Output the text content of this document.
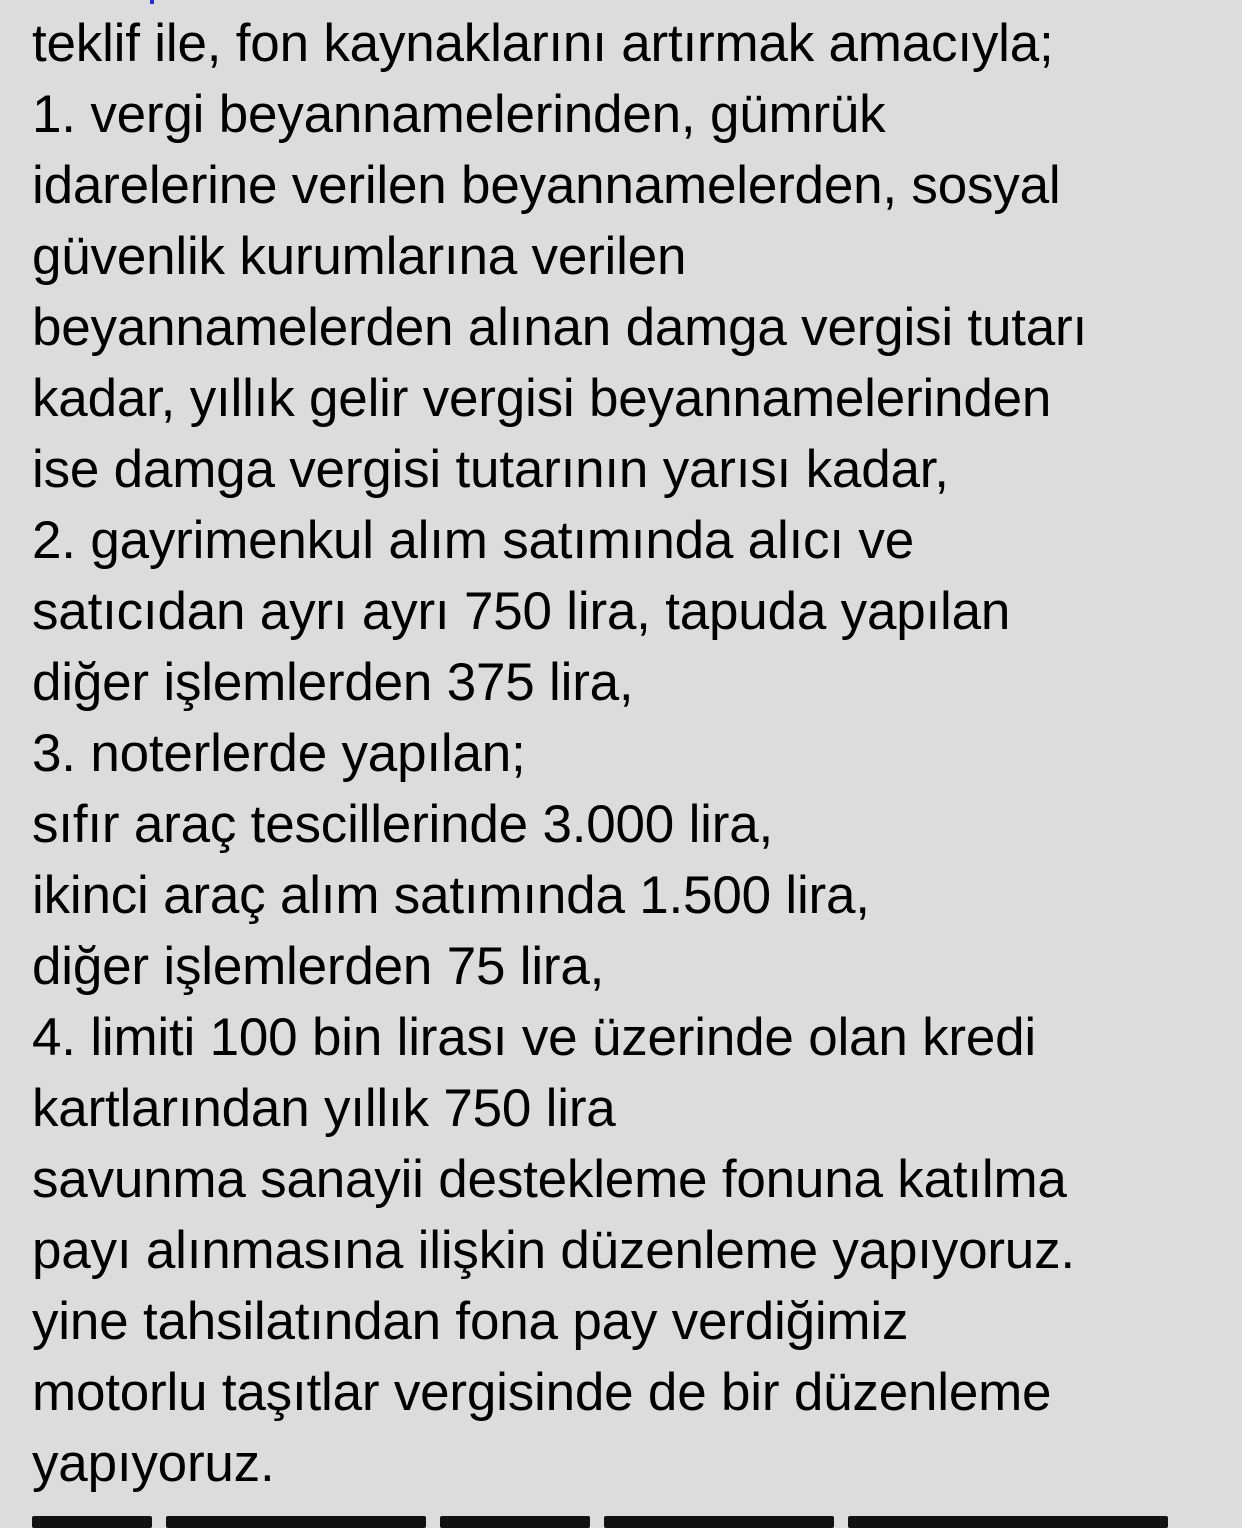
teklif ile, fon kaynaklarını artırmak amacıyla;
1. vergi beyannamelerinden, gümrük
idarelerine verilen beyannamelerden, sosyal
güvenlik kurumlarına verilen
beyannamelerden alınan damga vergisi tutarı
kadar, yıllık gelir vergisi beyannamelerinden
ise damga vergisi tutarının yarısı kadar,
2. gayrimenkul alım satımında alıcı ve
satıcıdan ayrı ayrı 750 lira, tapuda yapılan
diğer işlemlerden 375 lira,
3. noterlerde yapılan;
sıfır araç tescillerinde 3.000 lira,
ikinci araç alım satımında 1.500 lira,
diğer işlemlerden 75 lira,
4. limiti 100 bin lirası ve üzerinde olan kredi
kartlarından yıllık 750 lira
savunma sanayii destekleme fonuna katılma
payı alınmasına ilişkin düzenleme yapıyoruz.
yine tahsilatından fona pay verdiğimiz
motorlu taşıtlar vergisinde de bir düzenleme
yapıyoruz.
